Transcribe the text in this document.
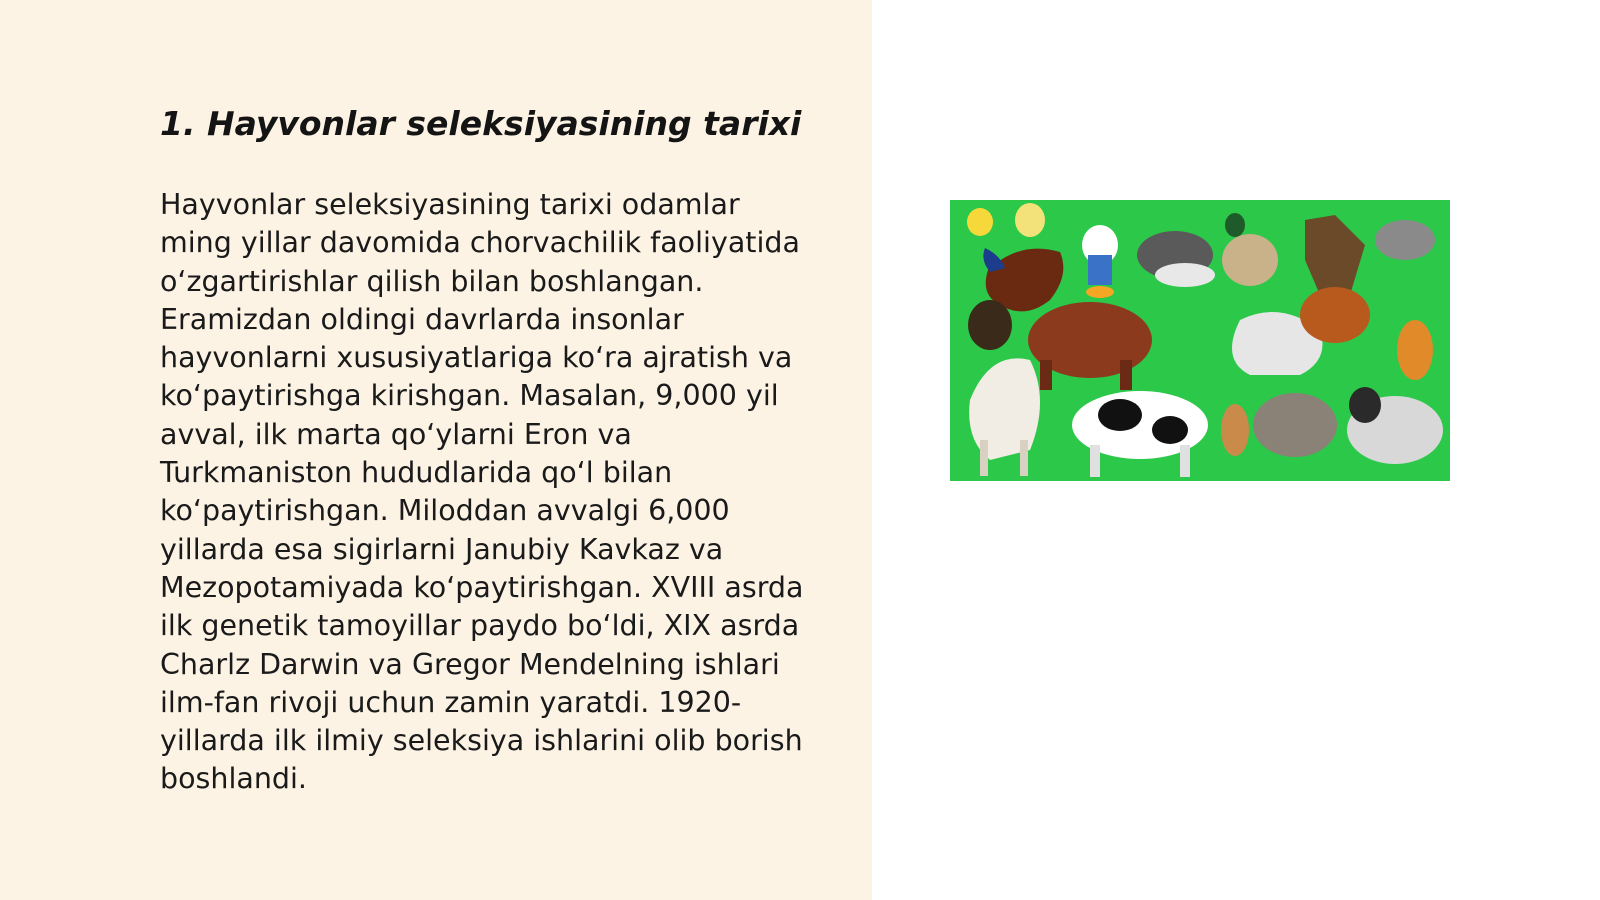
1. Hayvonlar seleksiyasining tarixi

Hayvonlar seleksiyasining tarixi odamlar
ming yillar davomida chorvachilik faoliyatida
o‘zgartirishlar qilish bilan boshlangan.
Eramizdan oldingi davrlarda insonlar
hayvonlarni xususiyatlariga ko‘ra ajratish va
ko‘paytirishga kirishgan. Masalan, 9,000 yil
avval, ilk marta qo‘ylarni Eron va
Turkmaniston hududlarida qo‘l bilan
ko‘paytirishgan. Miloddan avvalgi 6,000
yillarda esa sigirlarni Janubiy Kavkaz va
Mezopotamiyada ko‘paytirishgan. XVIII asrda
ilk genetik tamoyillar paydo bo‘ldi, XIX asrda
Charlz Darwin va Gregor Mendelning ishlari
ilm-fan rivoji uchun zamin yaratdi. 1920-
yillarda ilk ilmiy seleksiya ishlarini olib borish
boshlandi.
